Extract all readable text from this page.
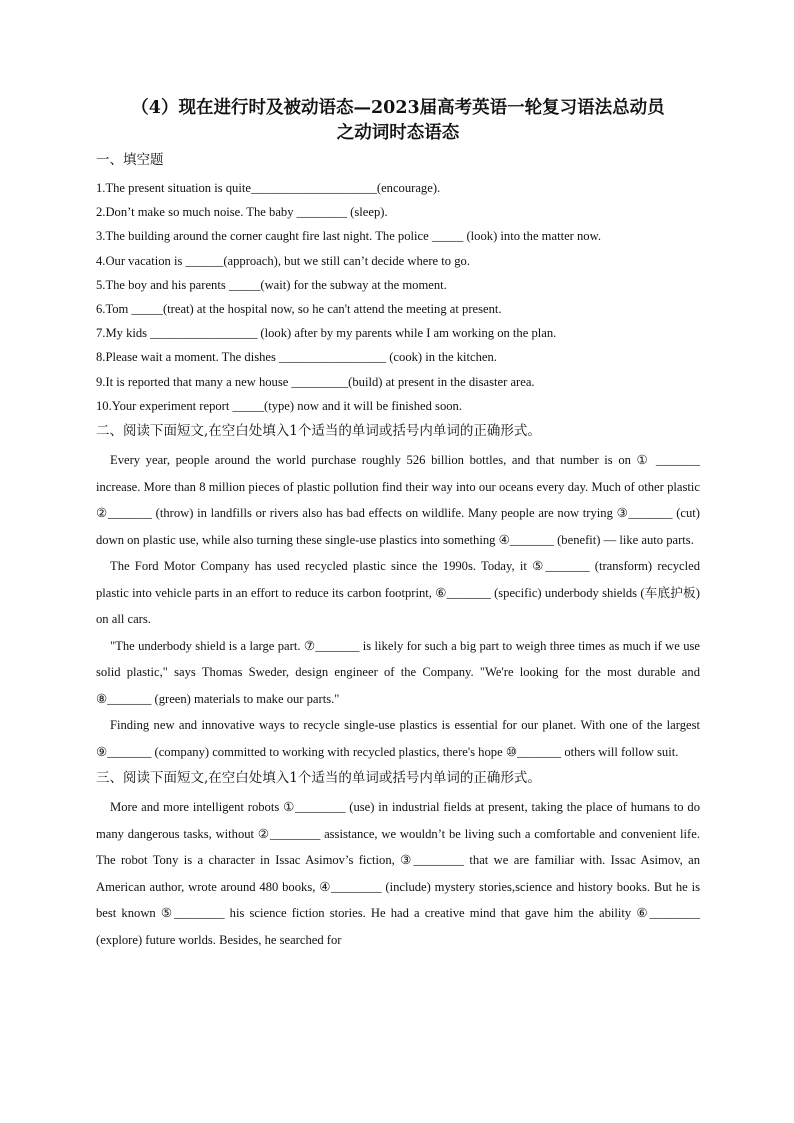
（4）现在进行时及被动语态—2023届高考英语一轮复习语法总动员
之动词时态语态
一、填空题
1.The present situation is quite____________________(encourage).
2.Don’t make so much noise. The baby ________ (sleep).
3.The building around the corner caught fire last night. The police _____ (look) into the matter now.
4.Our vacation is ______(approach), but we still can’t decide where to go.
5.The boy and his parents _____(wait) for the subway at the moment.
6.Tom _____(treat) at the hospital now, so he can't attend the meeting at present.
7.My kids _________________ (look) after by my parents while I am working on the plan.
8.Please wait a moment. The dishes _________________ (cook) in the kitchen.
9.It is reported that many a new house _________(build) at present in the disaster area.
10.Your experiment report _____(type) now and it will be finished soon.
二、阅读下面短文,在空白处填入1个适当的单词或括号内单词的正确形式。

Every year, people around the world purchase roughly 526 billion bottles, and that number is on ① _______ increase. More than 8 million pieces of plastic pollution find their way into our oceans every day. Much of other plastic ②_______ (throw) in landfills or rivers also has bad effects on wildlife. Many people are now trying ③_______ (cut) down on plastic use, while also turning these single-use plastics into something ④_______ (benefit) — like auto parts.

The Ford Motor Company has used recycled plastic since the 1990s. Today, it ⑤_______ (transform) recycled plastic into vehicle parts in an effort to reduce its carbon footprint, ⑥_______ (specific) underbody shields (车底护板) on all cars.

"The underbody shield is a large part. ⑦_______ is likely for such a big part to weigh three times as much if we use solid plastic," says Thomas Sweder, design engineer of the Company. "We're looking for the most durable and ⑧_______ (green) materials to make our parts."

Finding new and innovative ways to recycle single-use plastics is essential for our planet. With one of the largest ⑨_______ (company) committed to working with recycled plastics, there's hope ⑩_______ others will follow suit.

三、阅读下面短文,在空白处填入1个适当的单词或括号内单词的正确形式。

More and more intelligent robots ①________ (use) in industrial fields at present, taking the place of humans to do many dangerous tasks, without ②________ assistance, we wouldn’t be living such a comfortable and convenient life. The robot Tony is a character in Issac Asimov’s fiction, ③________ that we are familiar with. Issac Asimov, an American author, wrote around 480 books, ④________ (include) mystery stories,science and history books. But he is best known ⑤________ his science fiction stories. He had a creative mind that gave him the ability ⑥________ (explore) future worlds. Besides, he searched for
